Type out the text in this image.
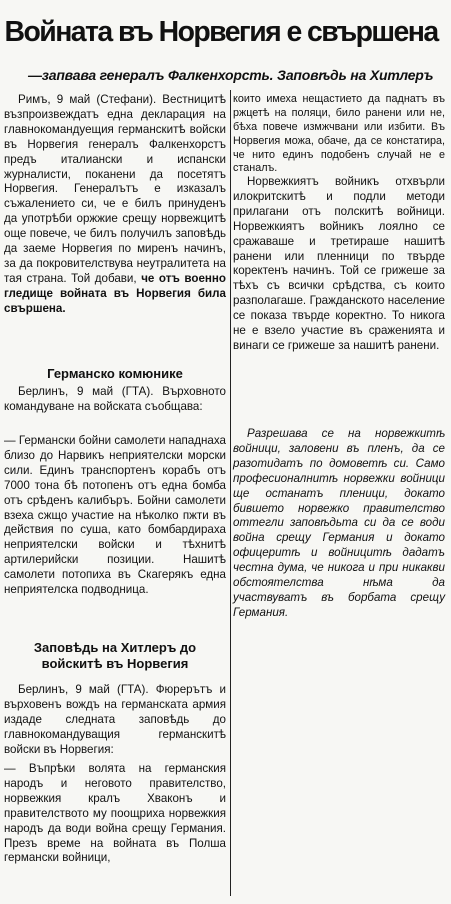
Войната въ Норвегия е свършена
—запвава генералъ Фалкенхорсть. Заповѣдь на Хитлеръ
Римъ, 9 май (Стефани). Вестницитѣ възпроизвеждатъ една декларация на главнокомандуещия германскитѣ войски въ Норвегия генералъ Фалкенхорстъ предъ италиански и испански журналисти, поканени да посетятъ Норвегия. Генералътъ е изказалъ съжалението си, че е билъ принуденъ да употрѣби оржжие срещу норвежцитѣ още повече, че билъ получилъ заповѣдь да заеме Норвегия по миренъ начинъ, за да покровителствува неутралитета на тая страна. Той добави, че отъ военно гледище войната въ Норвегия била свършена.
Германско комюнике
Берлинъ, 9 май (ГТА). Върховното командуване на войската съобщава:
— Германски бойни самолети нападнаха близо до Нарвикъ неприятелски морски сили. Единъ транспортенъ корабъ отъ 7000 тона бѣ потопенъ отъ една бомба отъ срѣденъ калибъръ. Бойни самолети взеха сжщо участие на нѣколко пжти въ действия по суша, като бомбардираха неприятелски войски и тѣхнитѣ артилерийски позиции. Нашитѣ самолети потопиха въ Скагерякъ една неприятелска подводница.
Заповѣдь на Хитлеръ до войскитѣ въ Норвегия
Берлинъ, 9 май (ГТА). Фюрерътъ и върховенъ вождъ на германската армия издаде следната заповѣдь до главнокомандуващия германскитѣ войски въ Норвегия:
— Въпрѣки волята на германския народъ и неговото правителство, норвежкия кралъ Хваконъ и правителството му поощрихa норвежкия народъ да води война срещу Германия. Презъ време на войната въ Полша германски войници,
които имеха нещастието да паднатъ въ ржцетѣ на поляци, било ранени или не, бѣха повече измжчвани или избити. Въ Норвегия можа, обаче, да се констатира, че нито единъ подобенъ случай не е станалъ.
Норвежкиятъ войникъ отхвърли илокритскитѣ и подли методи прилагани отъ полскитѣ войници. Норвежкиятъ войникъ лоялно се сражаваше и третираше нашитѣ ранени или пленници по твърде коректенъ начинъ. Той се грижеше за тѣхъ съ всички срѣдства, съ които разполагаше. Гражданското население се показа твърде коректно. То никога не е взело участие въ сраженията и винаги се грижеше за нашитѣ ранени.
Разрешава се на норвежкитѣ войници, заловени въ пленъ, да се разотидатъ по домоветѣ си. Само професионалнитѣ норвежки войници ще останатъ пленици, докато бившето норвежко правителство оттегли заповѣдьта си да се води война срещу Германия и докато офицеритѣ и войницитѣ дадатъ честна дума, че никога и при никакви обстоятелства нѣма да участвуватъ въ борбата срещу Германия.
